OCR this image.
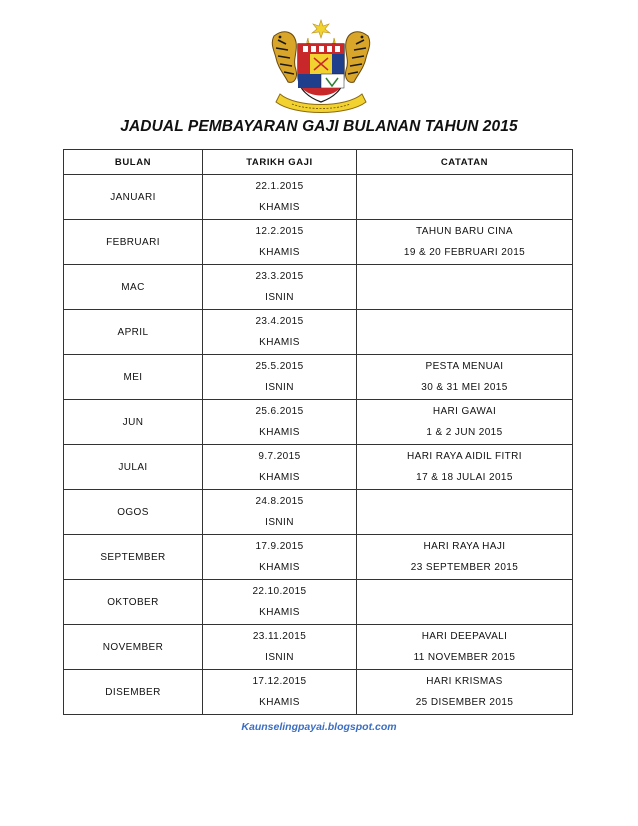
JADUAL PEMBAYARAN GAJI BULANAN TAHUN 2015
BULAN	TARIKH GAJI	CATATAN
JANUARI	22.1.2015
KHAMIS	

FEBRUARI	12.2.2015
KHAMIS	TAHUN BARU CINA
19 & 20 FEBRUARI 2015

MAC	23.3.2015
ISNIN	

APRIL	23.4.2015
KHAMIS	

MEI	25.5.2015
ISNIN	PESTA MENUAI
30 & 31 MEI 2015

JUN	25.6.2015
KHAMIS	HARI GAWAI
1 & 2 JUN 2015

JULAI	9.7.2015
KHAMIS	HARI RAYA AIDIL FITRI
17 & 18 JULAI 2015

OGOS	24.8.2015
ISNIN	

SEPTEMBER	17.9.2015
KHAMIS	HARI RAYA HAJI
23 SEPTEMBER 2015

OKTOBER	22.10.2015
KHAMIS	

NOVEMBER	23.11.2015
ISNIN	HARI DEEPAVALI
11 NOVEMBER 2015

DISEMBER	17.12.2015
KHAMIS	HARI KRISMAS
25 DISEMBER 2015
Kaunselingpayai.blogspot.com
